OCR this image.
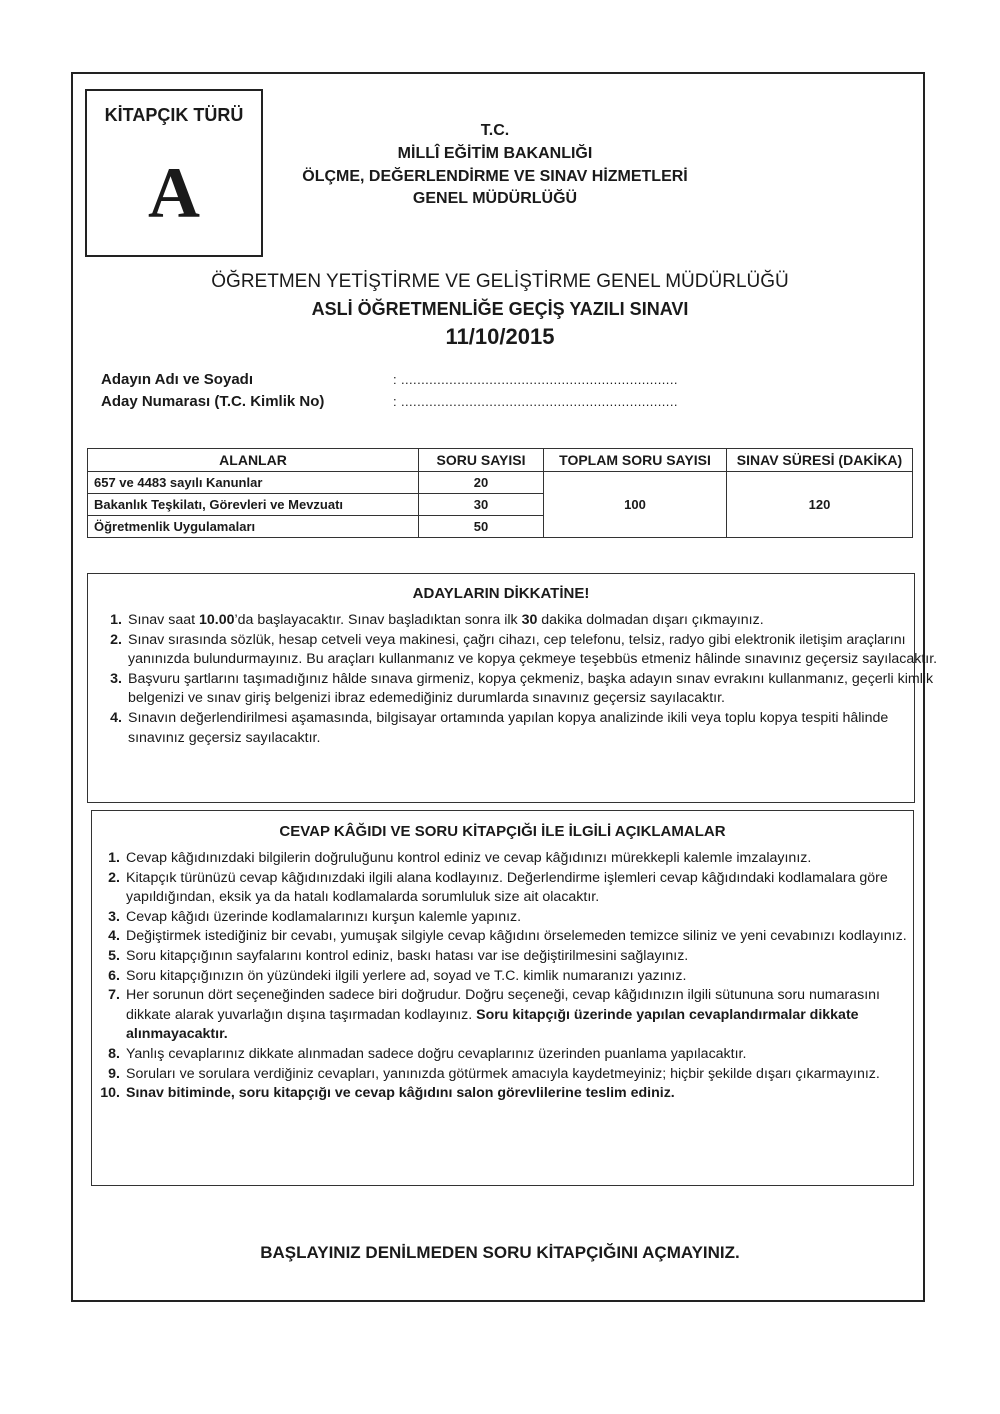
KİTAPÇIK TÜRÜ
A
T.C.
MİLLÎ EĞİTİM BAKANLIĞI
ÖLÇME, DEĞERLENDİRME VE SINAV HİZMETLERİ
GENEL MÜDÜRLÜĞÜ
ÖĞRETMEN YETİŞTİRME VE GELİŞTİRME GENEL MÜDÜRLÜĞÜ
ASLİ ÖĞRETMENLİĞE GEÇİŞ YAZILI SINAVI
11/10/2015
Adayın Adı ve Soyadı	: .....................................................................
Aday Numarası (T.C. Kimlik No)	: .....................................................................
ALANLAR	SORU SAYISI	TOPLAM SORU SAYISI	SINAV SÜRESİ (DAKİKA)
657 ve 4483 sayılı Kanunlar	20	100	120
Bakanlık Teşkilatı, Görevleri ve Mevzuatı	30		
Öğretmenlik Uygulamaları	50		
ADAYLARIN DİKKATİNE!
1. Sınav saat 10.00’da başlayacaktır. Sınav başladıktan sonra ilk 30 dakika dolmadan dışarı çıkmayınız.
2. Sınav sırasında sözlük, hesap cetveli veya makinesi, çağrı cihazı, cep telefonu, telsiz, radyo gibi elektronik iletişim araçlarını yanınızda bulundurmayınız. Bu araçları kullanmanız ve kopya çekmeye teşebbüs etmeniz hâlinde sınavınız geçersiz sayılacaktır.
3. Başvuru şartlarını taşımadığınız hâlde sınava girmeniz, kopya çekmeniz, başka adayın sınav evrakını kullanmanız, geçerli kimlik belgenizi ve sınav giriş belgenizi ibraz edemediğiniz durumlarda sınavınız geçersiz sayılacaktır.
4. Sınavın değerlendirilmesi aşamasında, bilgisayar ortamında yapılan kopya analizinde ikili veya toplu kopya tespiti hâlinde sınavınız geçersiz sayılacaktır.
CEVAP KÂĞIDI VE SORU KİTAPÇIĞI İLE İLGİLİ AÇIKLAMALAR
1. Cevap kâğıdınızdaki bilgilerin doğruluğunu kontrol ediniz ve cevap kâğıdınızı mürekkepli kalemle imzalayınız.
2. Kitapçık türünüzü cevap kâğıdınızdaki ilgili alana kodlayınız. Değerlendirme işlemleri cevap kâğıdındaki kodlamalara göre yapıldığından, eksik ya da hatalı kodlamalarda sorumluluk size ait olacaktır.
3. Cevap kâğıdı üzerinde kodlamalarınızı kurşun kalemle yapınız.
4. Değiştirmek istediğiniz bir cevabı, yumuşak silgiyle cevap kâğıdını örselemeden temizce siliniz ve yeni cevabınızı kodlayınız.
5. Soru kitapçığının sayfalarını kontrol ediniz, baskı hatası var ise değiştirilmesini sağlayınız.
6. Soru kitapçığınızın ön yüzündeki ilgili yerlere ad, soyad ve T.C. kimlik numaranızı yazınız.
7. Her sorunun dört seçeneğinden sadece biri doğrudur. Doğru seçeneği, cevap kâğıdınızın ilgili sütununa soru numarasını dikkate alarak yuvarlağın dışına taşırmadan kodlayınız. Soru kitapçığı üzerinde yapılan cevaplandırmalar dikkate alınmayacaktır.
8. Yanlış cevaplarınız dikkate alınmadan sadece doğru cevaplarınız üzerinden puanlama yapılacaktır.
9. Soruları ve sorulara verdiğiniz cevapları, yanınızda götürmek amacıyla kaydetmeyiniz; hiçbir şekilde dışarı çıkarmayınız.
10. Sınav bitiminde, soru kitapçığı ve cevap kâğıdını salon görevlilerine teslim ediniz.
BAŞLAYINIZ DENİLMEDEN SORU KİTAPÇIĞINI AÇMAYINIZ.
